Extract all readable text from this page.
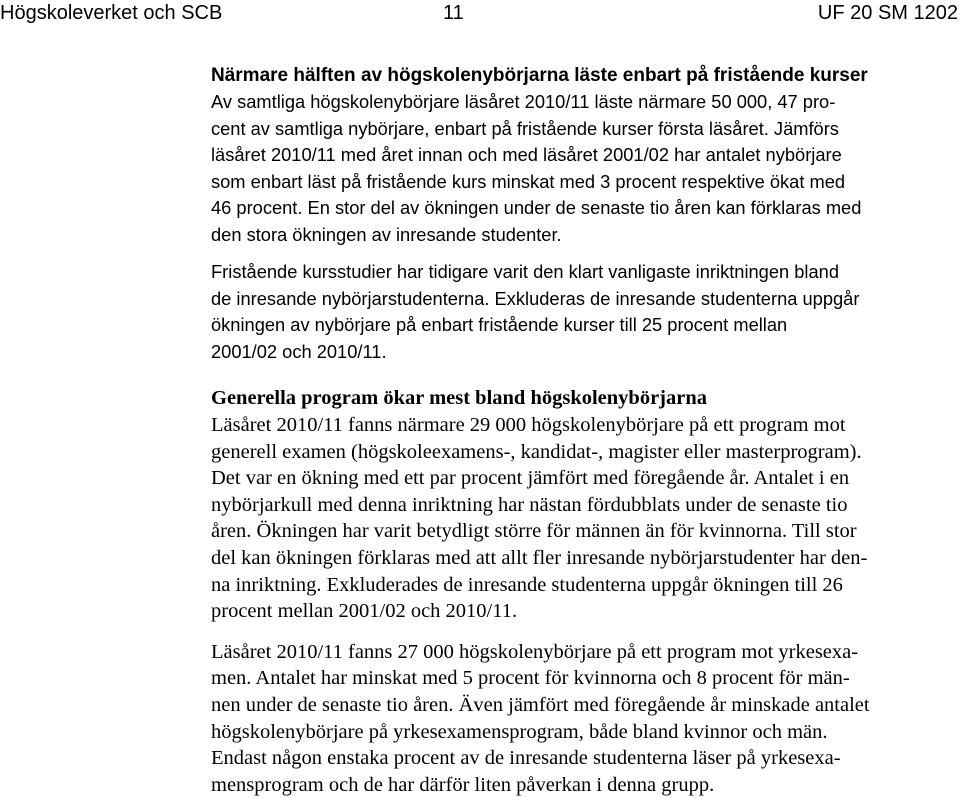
Högskoleverket och SCB	11	UF 20 SM 1202
Närmare hälften av högskolenybörjarna läste enbart på fristående kurser

Av samtliga högskolenybörjare läsåret 2010/11 läste närmare 50 000, 47 pro-
cent av samtliga nybörjare, enbart på fristående kurser första läsåret. Jämförs
läsåret 2010/11 med året innan och med läsåret 2001/02 har antalet nybörjare
som enbart läst på fristående kurs minskat med 3 procent respektive ökat med
46 procent. En stor del av ökningen under de senaste tio åren kan förklaras med
den stora ökningen av inresande studenter.

Fristående kursstudier har tidigare varit den klart vanligaste inriktningen bland
de inresande nybörjarstudenterna. Exkluderas de inresande studenterna uppgår
ökningen av nybörjare på enbart fristående kurser till 25 procent mellan
2001/02 och 2010/11.

Generella program ökar mest bland högskolenybörjarna

Läsåret 2010/11 fanns närmare 29 000 högskolenybörjare på ett program mot
generell examen (högskoleexamens-, kandidat-, magister eller masterprogram).
Det var en ökning med ett par procent jämfört med föregående år. Antalet i en
nybörjarkull med denna inriktning har nästan fördubblats under de senaste tio
åren. Ökningen har varit betydligt större för männen än för kvinnorna. Till stor
del kan ökningen förklaras med att allt fler inresande nybörjarstudenter har den-
na inriktning. Exkluderades de inresande studenterna uppgår ökningen till 26
procent mellan 2001/02 och 2010/11.

Läsåret 2010/11 fanns 27 000 högskolenybörjare på ett program mot yrkesexa-
men. Antalet har minskat med 5 procent för kvinnorna och 8 procent för män-
nen under de senaste tio åren. Även jämfört med föregående år minskade antalet
högskolenybörjare på yrkesexamensprogram, både bland kvinnor och män.
Endast någon enstaka procent av de inresande studenterna läser på yrkesexa-
mensprogram och de har därför liten påverkan i denna grupp.
